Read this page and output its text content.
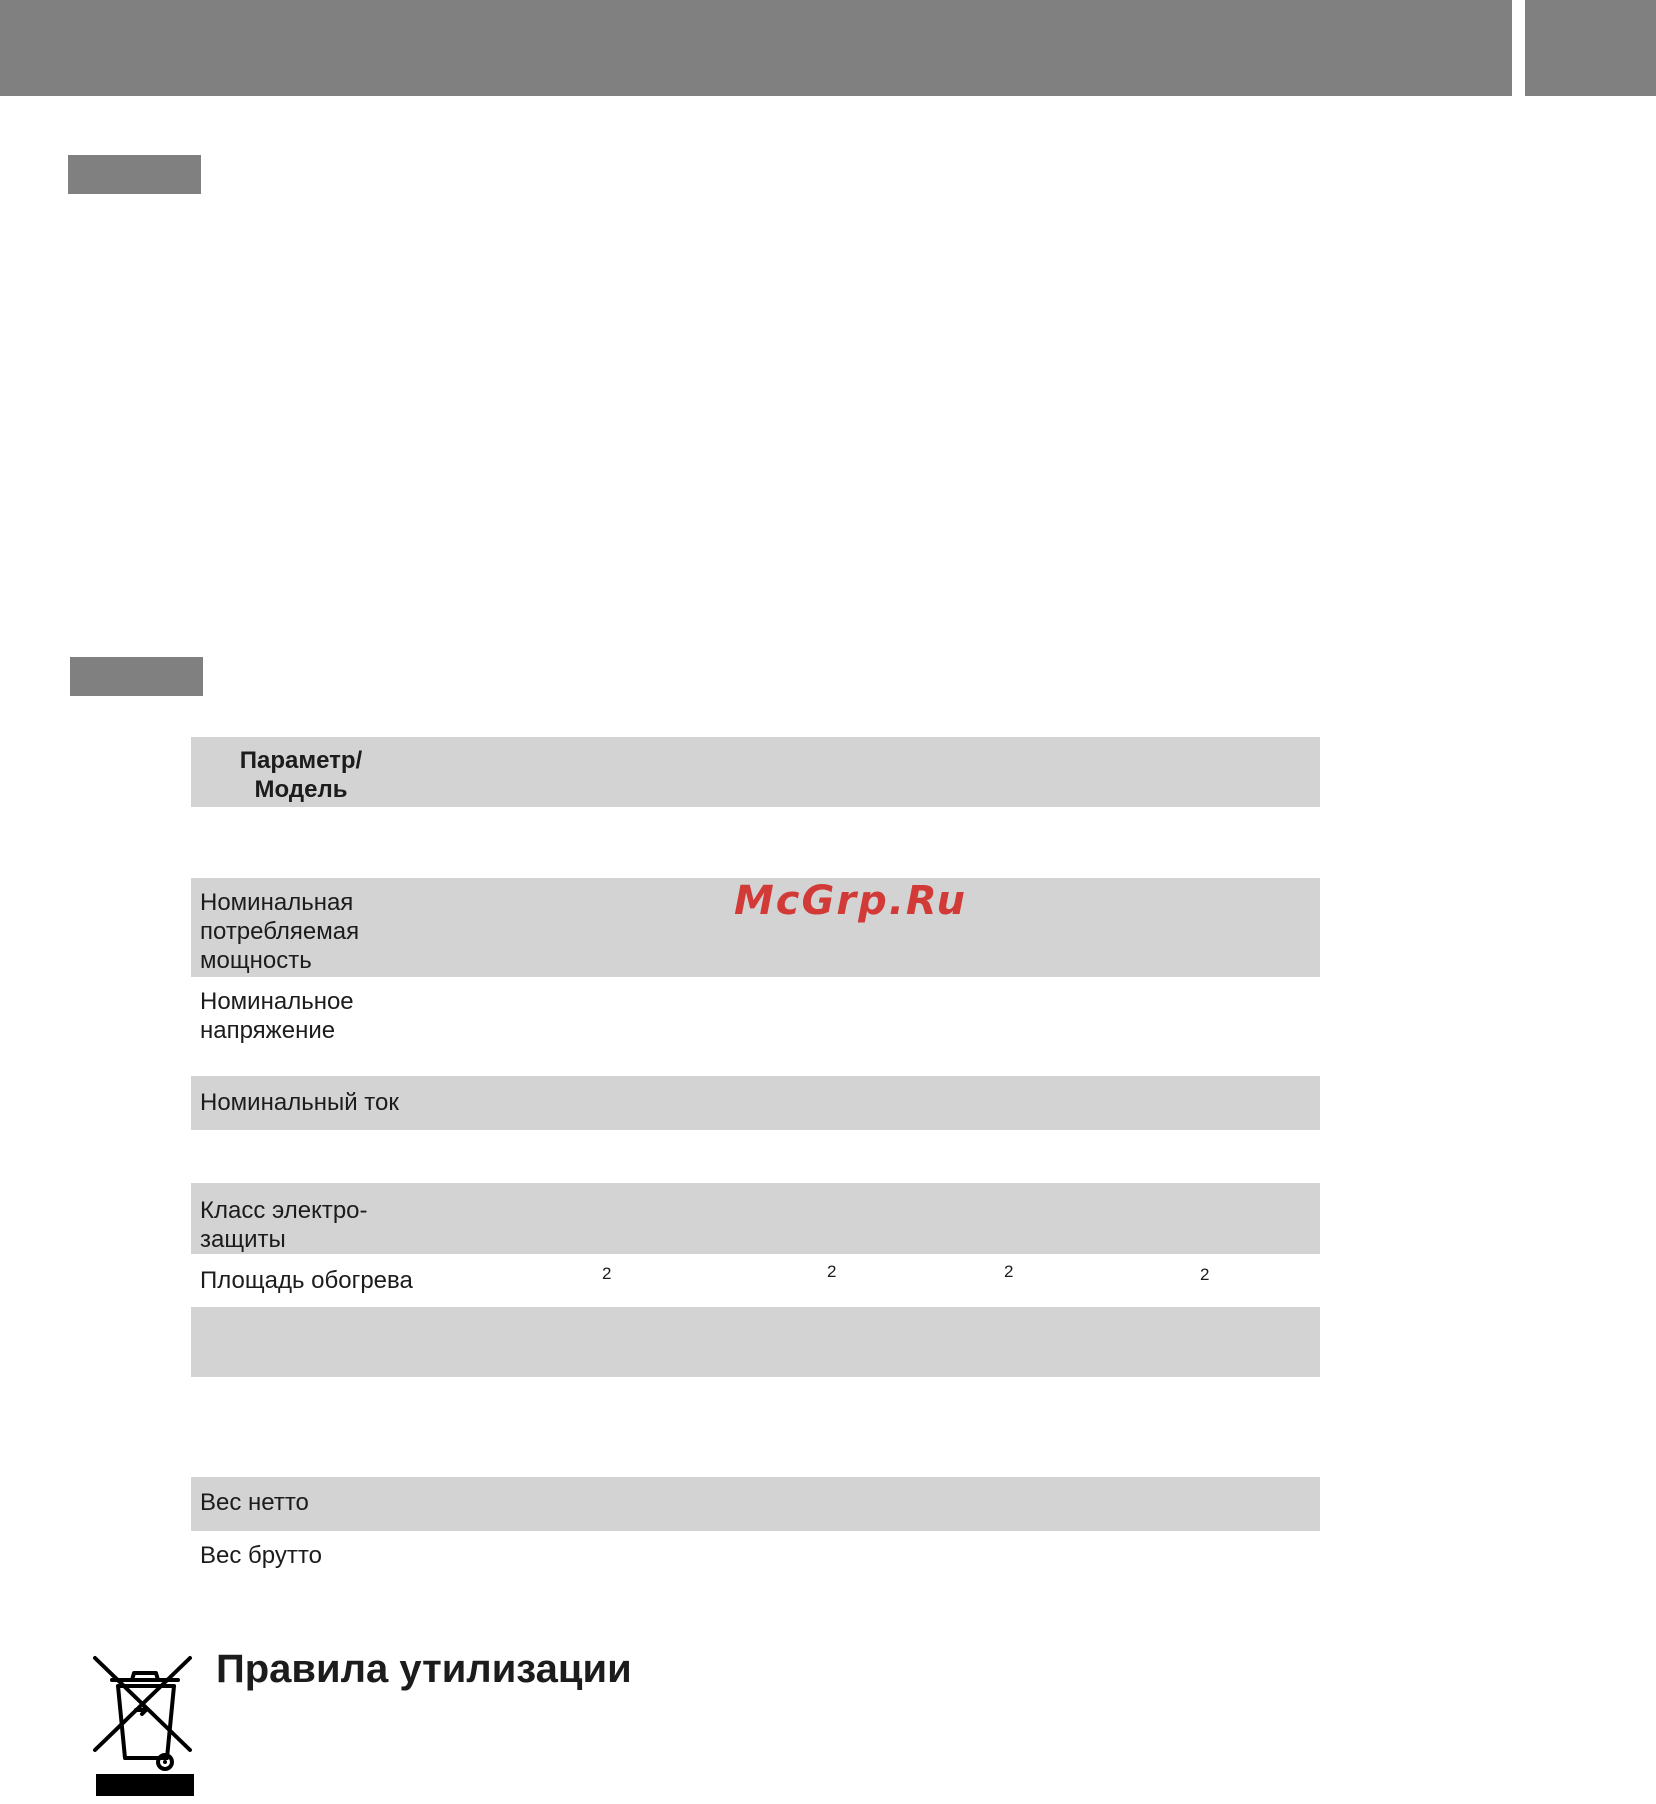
Параметр/
Модель
Номинальная
потребляемая
мощность
Номинальное
напряжение
Номинальный ток
Класс электро-
защиты
Площадь обогрева	2	2	2	2
Вес нетто
Вес брутто
McGrp.Ru
Правила утилизации
